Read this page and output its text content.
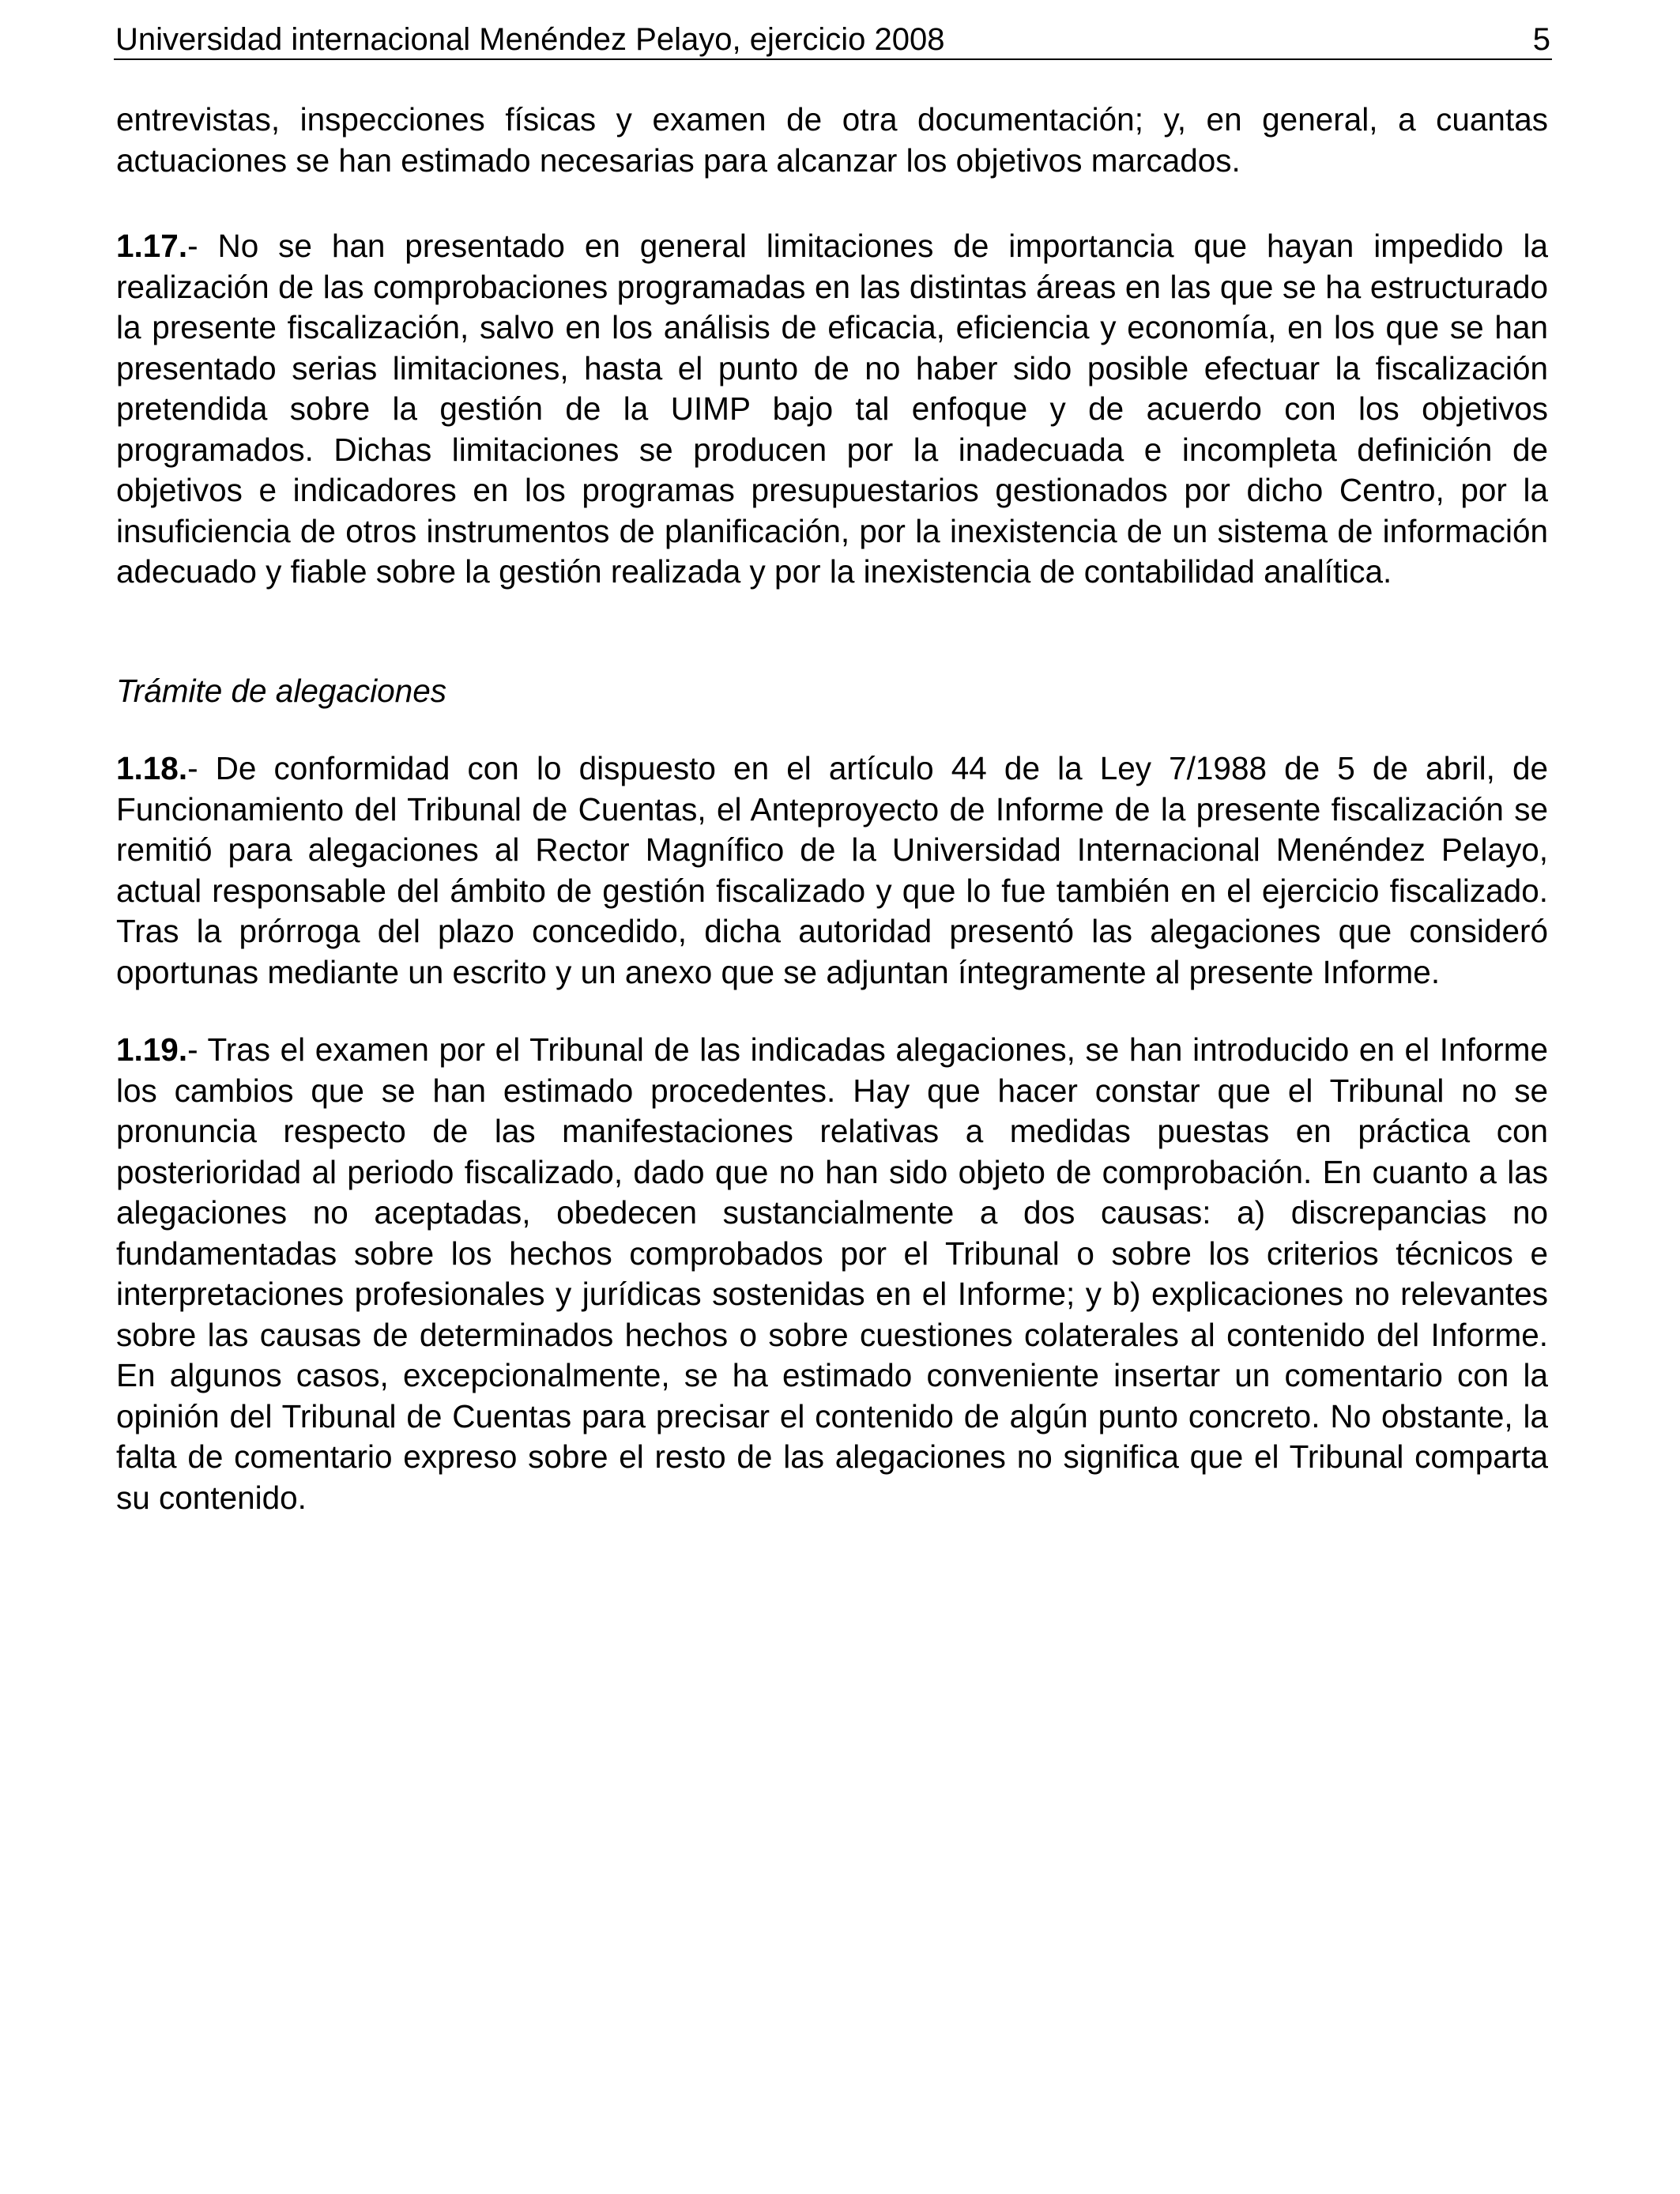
Universidad internacional Menéndez Pelayo, ejercicio 2008	5

entrevistas, inspecciones físicas y examen de otra documentación; y, en general, a cuantas actuaciones se han estimado necesarias para alcanzar los objetivos marcados.

1.17.- No se han presentado en general limitaciones de importancia que hayan impedido la realización de las comprobaciones programadas en las distintas áreas en las que se ha estructurado la presente fiscalización, salvo en los análisis de eficacia, eficiencia y economía, en los que se han presentado serias limitaciones, hasta el punto de no haber sido posible efectuar la fiscalización pretendida sobre la gestión de la UIMP bajo tal enfoque y de acuerdo con los objetivos programados. Dichas limitaciones se producen por la inadecuada e incompleta definición de objetivos e indicadores en los programas presupuestarios gestionados por dicho Centro, por la insuficiencia de otros instrumentos de planificación, por la inexistencia de un sistema de información adecuado y fiable sobre la gestión realizada y por la inexistencia de contabilidad analítica.

Trámite de alegaciones

1.18.- De conformidad con lo dispuesto en el artículo 44 de la Ley 7/1988 de 5 de abril, de Funcionamiento del Tribunal de Cuentas, el Anteproyecto de Informe de la presente fiscalización se remitió para alegaciones al Rector Magnífico de la Universidad Internacional Menéndez Pelayo, actual responsable del ámbito de gestión fiscalizado y que lo fue también en el ejercicio fiscalizado. Tras la prórroga del plazo concedido, dicha autoridad presentó las alegaciones que consideró oportunas mediante un escrito y un anexo que se adjuntan íntegramente al presente Informe.

1.19.- Tras el examen por el Tribunal de las indicadas alegaciones, se han introducido en el Informe los cambios que se han estimado procedentes. Hay que hacer constar que el Tribunal no se pronuncia respecto de las manifestaciones relativas a medidas puestas en práctica con posterioridad al periodo fiscalizado, dado que no han sido objeto de comprobación. En cuanto a las alegaciones no aceptadas, obedecen sustancialmente a dos causas: a) discrepancias no fundamentadas sobre los hechos comprobados por el Tribunal o sobre los criterios técnicos e interpretaciones profesionales y jurídicas sostenidas en el Informe; y b) explicaciones no relevantes sobre las causas de determinados hechos o sobre cuestiones colaterales al contenido del Informe. En algunos casos, excepcionalmente, se ha estimado conveniente insertar un comentario con la opinión del Tribunal de Cuentas para precisar el contenido de algún punto concreto. No obstante, la falta de comentario expreso sobre el resto de las alegaciones no significa que el Tribunal comparta su contenido.
